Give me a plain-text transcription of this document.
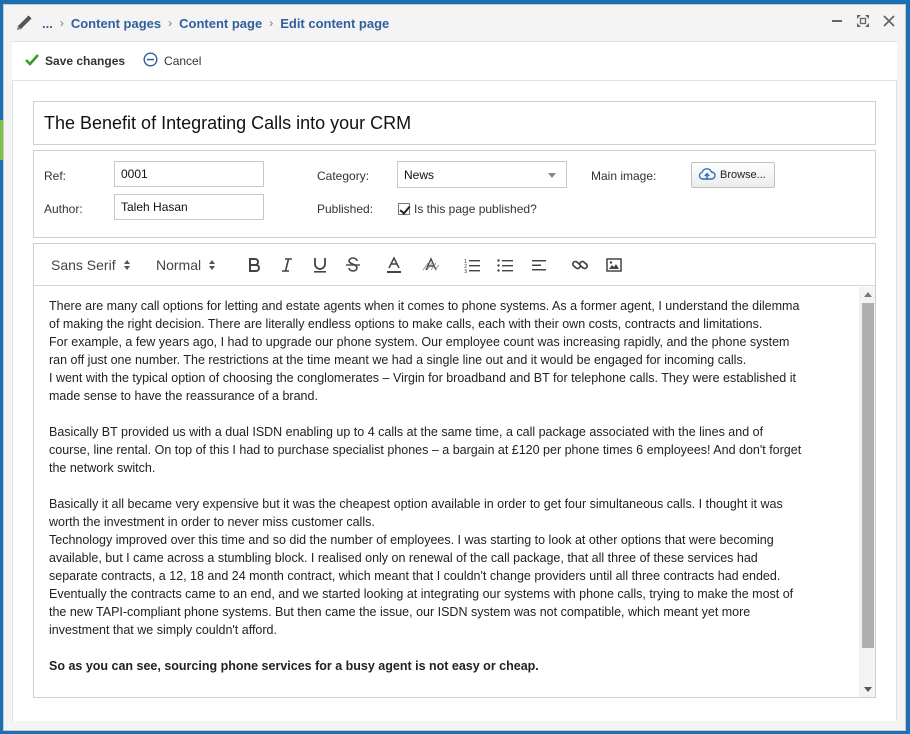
... › Content pages › Content page › Edit content page
Save changes	Cancel
The Benefit of Integrating Calls into your CRM
Ref:	0001
Author:	Taleh Hasan
Category:	News
Published:	Is this page published?
Main image:	Browse...
Sans Serif	Normal	1
2
3

There are many call options for letting and estate agents when it comes to phone systems. As a former agent, I understand the dilemma

of making the right decision. There are literally endless options to make calls, each with their own costs, contracts and limitations.

For example, a few years ago, I had to upgrade our phone system. Our employee count was increasing rapidly, and the phone system

ran off just one number. The restrictions at the time meant we had a single line out and it would be engaged for incoming calls.

I went with the typical option of choosing the conglomerates – Virgin for broadband and BT for telephone calls. They were established it

made sense to have the reassurance of a brand.

Basically BT provided us with a dual ISDN enabling up to 4 calls at the same time, a call package associated with the lines and of

course, line rental. On top of this I had to purchase specialist phones – a bargain at £120 per phone times 6 employees! And don't forget

the network switch.

Basically it all became very expensive but it was the cheapest option available in order to get four simultaneous calls. I thought it was

worth the investment in order to never miss customer calls.

Technology improved over this time and so did the number of employees. I was starting to look at other options that were becoming

available, but I came across a stumbling block. I realised only on renewal of the call package, that all three of these services had

separate contracts, a 12, 18 and 24 month contract, which meant that I couldn't change providers until all three contracts had ended.

Eventually the contracts came to an end, and we started looking at integrating our systems with phone calls, trying to make the most of

the new TAPI-compliant phone systems. But then came the issue, our ISDN system was not compatible, which meant yet more

investment that we simply couldn't afford.

So as you can see, sourcing phone services for a busy agent is not easy or cheap.
